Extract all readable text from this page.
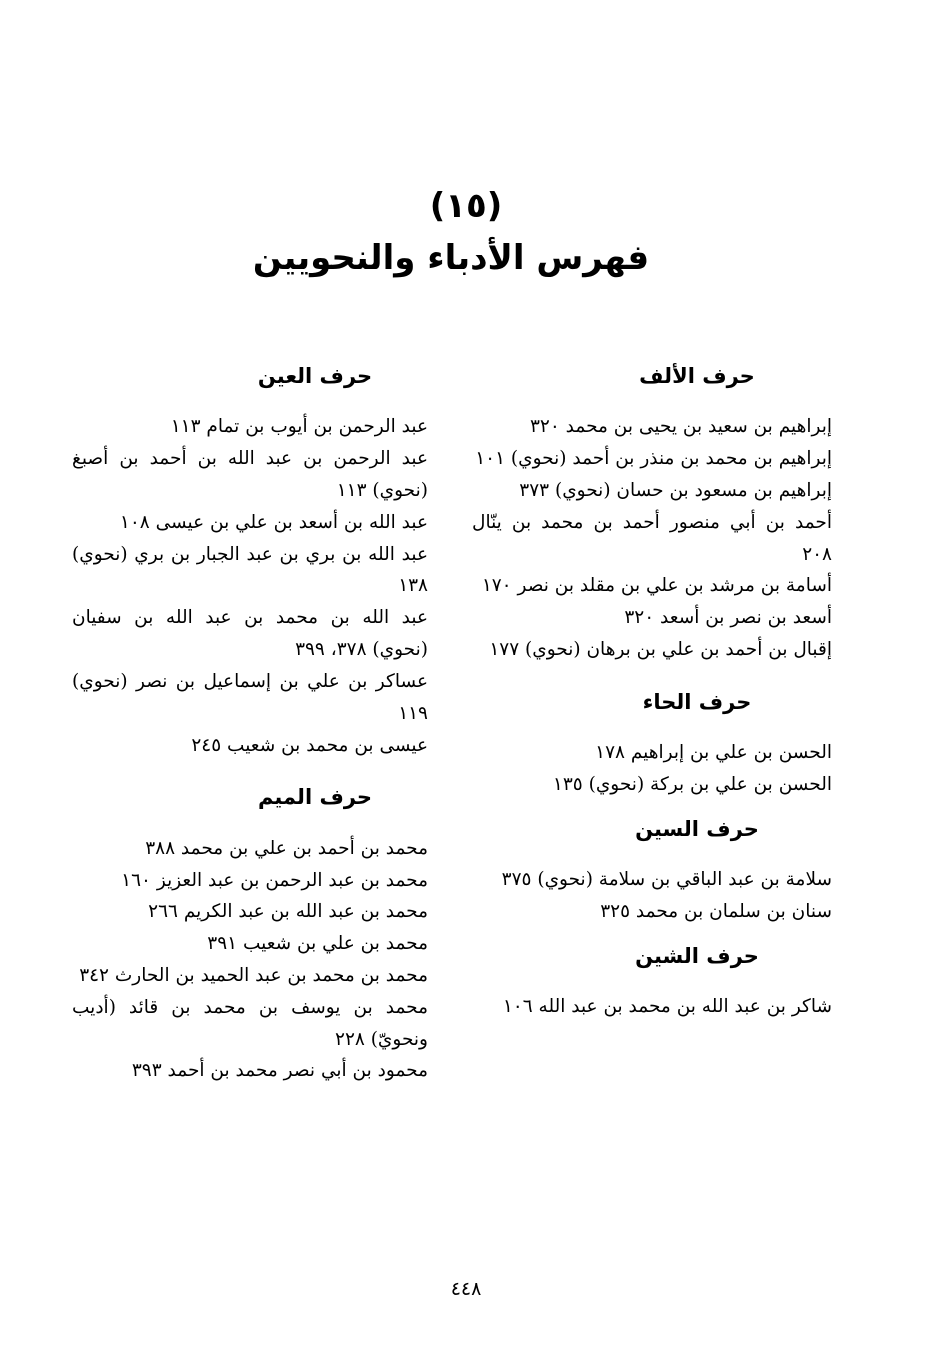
(١٥)
فهرس الأدباء والنحويين
حرف الألف
إبراهيم بن سعيد بن يحيى بن محمد ٣٢٠
إبراهيم بن محمد بن منذر بن أحمد (نحوي) ١٠١
إبراهيم بن مسعود بن حسان (نحوي) ٣٧٣
أحمد بن أبي منصور أحمد بن محمد بن ينّال ٢٠٨
أسامة بن مرشد بن علي بن مقلد بن نصر ١٧٠
أسعد بن نصر بن أسعد ٣٢٠
إقبال بن أحمد بن علي بن برهان (نحوي) ١٧٧
حرف الحاء
الحسن بن علي بن إبراهيم ١٧٨
الحسن بن علي بن بركة (نحوي) ١٣٥
حرف السين
سلامة بن عبد الباقي بن سلامة (نحوي) ٣٧٥
سنان بن سلمان بن محمد ٣٢٥
حرف الشين
شاكر بن عبد الله بن محمد بن عبد الله ١٠٦
حرف العين
عبد الرحمن بن أيوب بن تمام ١١٣
عبد الرحمن بن عبد الله بن أحمد بن أصبغ (نحوي) ١١٣
عبد الله بن أسعد بن علي بن عيسى ١٠٨
عبد الله بن بري بن عبد الجبار بن بري (نحوي) ١٣٨
عبد الله بن محمد بن عبد الله بن سفيان (نحوي) ٣٧٨، ٣٩٩
عساكر بن علي بن إسماعيل بن نصر (نحوي) ١١٩
عيسى بن محمد بن شعيب ٢٤٥
حرف الميم
محمد بن أحمد بن علي بن محمد ٣٨٨
محمد بن عبد الرحمن بن عبد العزيز ١٦٠
محمد بن عبد الله بن عبد الكريم ٢٦٦
محمد بن علي بن شعيب ٣٩١
محمد بن محمد بن عبد الحميد بن الحارث ٣٤٢
محمد بن يوسف بن محمد بن قائد (أديب ونحويّ) ٢٢٨
محمود بن أبي نصر محمد بن أحمد ٣٩٣
٤٤٨
